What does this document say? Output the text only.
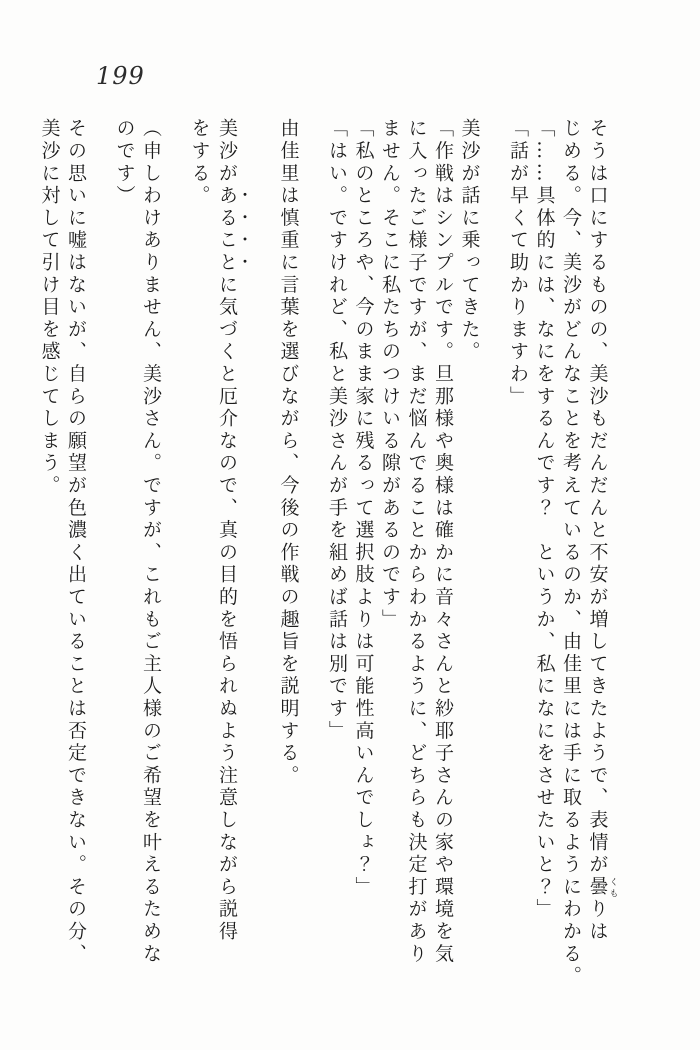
199

そうは口にするものの、美沙もだんだんと不安が増してきたようで、表情が曇 くもりは

じめる。今、美沙がどんなことを考えているのか、由佳里には手に取るようにわかる。

「……具体的には、なにをするんです？　というか、私になにをさせたいと？」

「話が早くて助かりますわ」

美沙が話に乗ってきた。

「作戦はシンプルです。旦那様や奥様は確かに音々さんと紗耶子さんの家や環境を気

に入ったご様子ですが、まだ悩んでることからわかるように、どちらも決定打があり

ません。そこに私たちのつけいる隙があるのです」

「私のところや、今のまま家に残るって選択肢よりは可能性高いんでしょ？」

「はい。ですけれど、私と美沙さんが手を組めば話は別です」

由佳里は慎重に言葉を選びながら、今後の作戦の趣旨を説明する。

美沙があることに気づくと厄介なので、真の目的を悟られぬよう注意しながら説得

をする。

（申しわけありません、美沙さん。ですが、これもご主人様のご希望を叶えるためな

のです）

その思いに嘘はないが、自らの願望が色濃く出ていることは否定できない。その分、

美沙に対して引け目を感じてしまう。
